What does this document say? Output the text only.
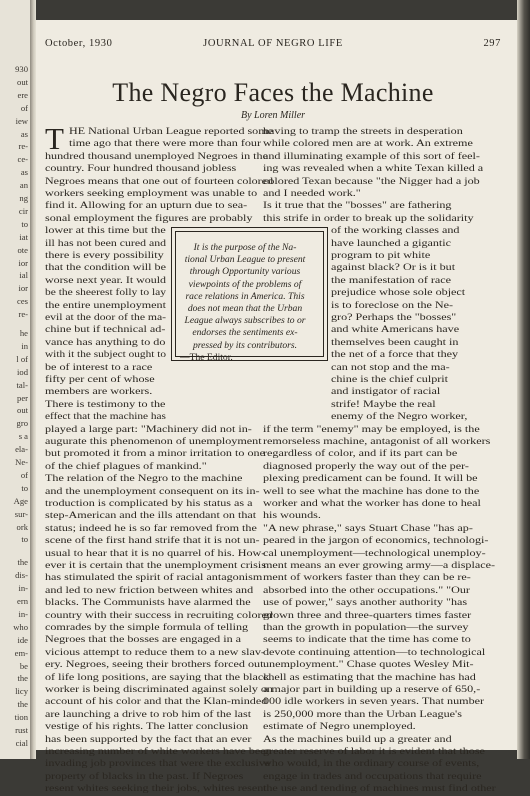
930
out
ere
of
iew
as
re-
ce-
as
an
ng
cir
to
iat
ote
ior
ial
ior
ces
re-
he
in
l of
iod
tal-
per
out
gro
s a
ela-
Ne-
of
to
Age
sur-
ork
to
the
dis-
in-
ern
in-
who
ide
em-
be
the
licy
the
tion
rust
cial
October, 1930	JOURNAL OF NEGRO LIFE	297
The Negro Faces the Machine
By Loren Miller
T HE National Urban League reported some
time ago that there were more than four
hundred thousand unemployed Negroes in the
country. Four hundred thousand jobless
Negroes means that one out of fourteen colored
workers seeking employment was unable to
find it. Allowing for an upturn due to sea-
sonal employment the figures are probably
lower at this time but the
ill has not been cured and
there is every possibility
that the condition will be
worse next year. It would
be the sheerest folly to lay
the entire unemployment
evil at the door of the ma-
chine but if technical ad-
vance has anything to do
with it the subject ought to
be of interest to a race
fifty per cent of whose
members are workers.
There is testimony to the
effect that the machine has
played a large part: "Machinery did not in-
augurate this phenomenon of unemployment
but promoted it from a minor irritation to one
of the chief plagues of mankind."
The relation of the Negro to the machine
and the unemployment consequent on its in-
troduction is complicated by his status as a
step-American and the ills attendant on that
status; indeed he is so far removed from the
scene of the first hand strife that it is not un-
usual to hear that it is no quarrel of his. How-
ever it is certain that the unemployment crisis
has stimulated the spirit of racial antagonism
and led to new friction between whites and
blacks. The Communists have alarmed the
country with their success in recruiting colored
comrades by the simple formula of telling
Negroes that the bosses are engaged in a
vicious attempt to reduce them to a new slav-
ery. Negroes, seeing their brothers forced out
of life long positions, are saying that the black
worker is being discriminated against solely on
account of his color and that the Klan-minded
are launching a drive to rob him of the last
vestige of his rights. The latter conclusion
has been supported by the fact that an ever
increasing number of white workers have been
invading job provinces that were the exclusive
property of blacks in the past. If Negroes
resent whites seeking their jobs, whites resent
having to tramp the streets in desperation
while colored men are at work. An extreme
and illuminating example of this sort of feel-
ing was revealed when a white Texan killed a
colored Texan because "the Nigger had a job
and I needed work."
Is it true that the "bosses" are fathering
this strife in order to break up the solidarity
of the working classes and
have launched a gigantic
program to pit white
against black? Or is it but
the manifestation of race
prejudice whose sole object
is to foreclose on the Ne-
gro? Perhaps the "bosses"
and white Americans have
themselves been caught in
the net of a force that they
can not stop and the ma-
chine is the chief culprit
and instigator of racial
strife! Maybe the real
enemy of the Negro worker,
if the term "enemy" may be employed, is the
remorseless machine, antagonist of all workers
regardless of color, and if its part can be
diagnosed properly the way out of the per-
plexing predicament can be found. It will be
well to see what the machine has done to the
worker and what the worker has done to heal
his wounds.
"A new phrase," says Stuart Chase "has ap-
peared in the jargon of economics, technologi-
cal unemployment—technological unemploy-
ment means an ever growing army—a displace-
ment of workers faster than they can be re-
absorbed into the other occupations." "Our
use of power," says another authority "has
grown three and three-quarters times faster
than the growth in population—the survey
seems to indicate that the time has come to
devote continuing attention—to technological
unemployment." Chase quotes Wesley Mit-
chell as estimating that the machine has had
a major part in building up a reserve of 650,-
000 idle workers in seven years. That number
is 250,000 more than the Urban League's
estimate of Negro unemployed.
As the machines build up a greater and
greater reserve of labor it is evident that those
who would, in the ordinary course of events,
engage in trades and occupations that require
the use and tending of machines must find other
It is the purpose of the Na-
tional Urban League to present
through Opportunity various
viewpoints of the problems of
race relations in America. This
does not mean that the Urban
League always subscribes to or
endorses the sentiments ex-
pressed by its contributors.
—The Editor.
